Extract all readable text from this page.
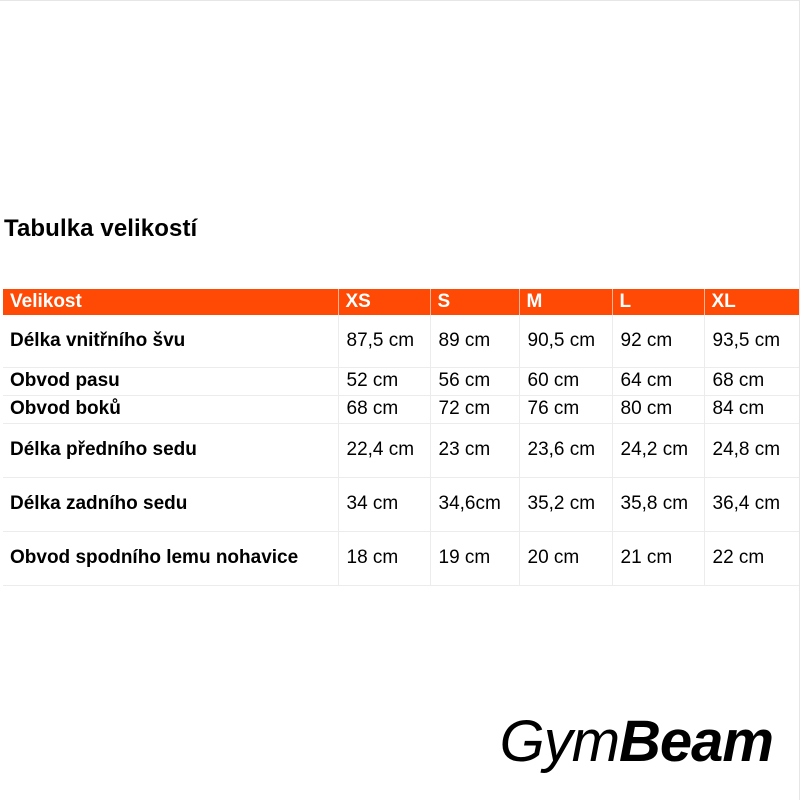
Tabulka velikostí
Velikost	XS	S	M	L	XL
Délka vnitřního švu	87,5 cm	89 cm	90,5 cm	92 cm	93,5 cm
Obvod pasu	52 cm	56 cm	60 cm	64 cm	68 cm
Obvod boků	68 cm	72 cm	76 cm	80 cm	84 cm
Délka předního sedu	22,4 cm	23 cm	23,6 cm	24,2 cm	24,8 cm
Délka zadního sedu	34 cm	34,6cm	35,2 cm	35,8 cm	36,4 cm
Obvod spodního lemu nohavice	18 cm	19 cm	20 cm	21 cm	22 cm
GymBeam
